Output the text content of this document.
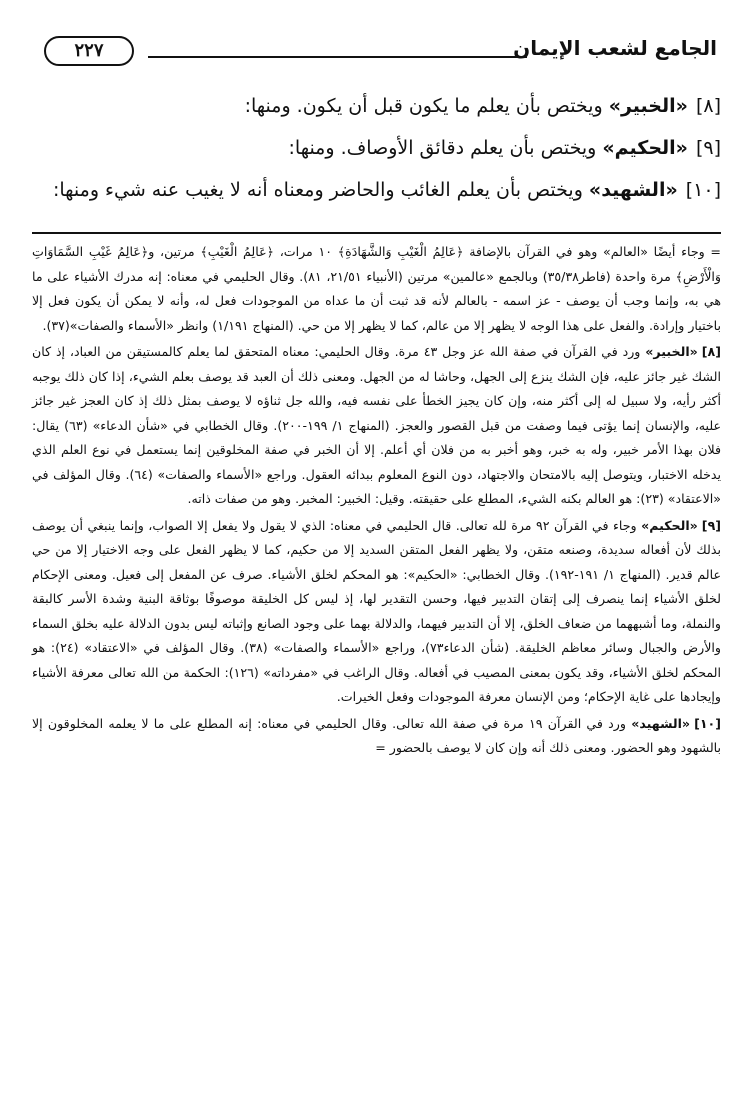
الجامع لشعب الإيمان
٢٢٧
[٨]«الخبير» ويختص بأن يعلم ما يكون قبل أن يكون. ومنها:
[٩]«الحكيم» ويختص بأن يعلم دقائق الأوصاف. ومنها:
[١٠]«الشهيد» ويختص بأن يعلم الغائب والحاضر ومعناه أنه لا يغيب عنه شيء ومنها:

= وجاء أيضًا «العالم» وهو في القرآن بالإضافة ﴿عَالِمُ الْغَيْبِ وَالشَّهَادَةِ﴾ ١٠ مرات، ﴿عَالِمُ الْغَيْبِ﴾ مرتين، و﴿عَالِمُ غَيْبِ السَّمَاوَاتِ وَالْأَرْضِ﴾ مرة واحدة (فاطر٣٥/٣٨) وبالجمع «عالمين» مرتين (الأنبياء ٢١/٥١، ٨١). وقال الحليمي في معناه: إنه مدرك الأشياء على ما هي به، وإنما وجب أن يوصف - عز اسمه - بالعالم لأنه قد ثبت أن ما عداه من الموجودات فعل له، وأنه لا يمكن أن يكون فعل إلا باختيار وإرادة. والفعل على هذا الوجه لا يظهر إلا من عالم، كما لا يظهر إلا من حي. (المنهاج ١/١٩١) وانظر «الأسماء والصفات»(٣٧).

[٨]«الخبير» ورد في القرآن في صفة الله عز وجل ٤٣ مرة. وقال الحليمي: معناه المتحقق لما يعلم كالمستيقن من العباد، إذ كان الشك غير جائز عليه، فإن الشك ينزع إلى الجهل، وحاشا له من الجهل. ومعنى ذلك أن العبد قد يوصف بعلم الشيء، إذا كان ذلك يوجبه أكثر رأيه، ولا سبيل له إلى أكثر منه، وإن كان يجيز الخطأ على نفسه فيه، والله جل ثناؤه لا يوصف بمثل ذلك إذ كان العجز غير جائز عليه، والإنسان إنما يؤتى فيما وصفت من قبل القصور والعجز. (المنهاج ١/ ١٩٩-٢٠٠). وقال الخطابي في «شأن الدعاء» (٦٣) يقال: فلان بهذا الأمر خبير، وله به خبر، وهو أخبر به من فلان أي أعلم. إلا أن الخبر في صفة المخلوقين إنما يستعمل في نوع العلم الذي يدخله الاختبار، ويتوصل إليه بالامتحان والاجتهاد، دون النوع المعلوم ببدائه العقول. وراجع «الأسماء والصفات» (٦٤). وقال المؤلف في «الاعتقاد» (٢٣): هو العالم بكنه الشيء، المطلع على حقيقته. وقيل: الخبير: المخبر. وهو من صفات ذاته.

[٩]«الحكيم» وجاء في القرآن ٩٢ مرة لله تعالى. قال الحليمي في معناه: الذي لا يقول ولا يفعل إلا الصواب، وإنما ينبغي أن يوصف بذلك لأن أفعاله سديدة، وصنعه متقن، ولا يظهر الفعل المتقن السديد إلا من حكيم، كما لا يظهر الفعل على وجه الاختيار إلا من حي عالم قدير. (المنهاج ١/ ١٩١-١٩٢). وقال الخطابي: «الحكيم»: هو المحكم لخلق الأشياء. صرف عن المفعل إلى فعيل. ومعنى الإحكام لخلق الأشياء إنما ينصرف إلى إتقان التدبير فيها، وحسن التقدير لها، إذ ليس كل الخليقة موصوفًا بوثاقة البنية وشدة الأسر كالبقة والنملة، وما أشبههما من ضعاف الخلق، إلا أن التدبير فيهما، والدلالة بهما على وجود الصانع وإثباته ليس بدون الدلالة عليه بخلق السماء والأرض والجبال وسائر معاظم الخليقة. (شأن الدعاء٧٣)، وراجع «الأسماء والصفات» (٣٨). وقال المؤلف في «الاعتقاد» (٢٤): هو المحكم لخلق الأشياء، وقد يكون بمعنى المصيب في أفعاله. وقال الراغب في «مفرداته» (١٢٦): الحكمة من الله تعالى معرفة الأشياء وإيجادها على غاية الإحكام؛ ومن الإنسان معرفة الموجودات وفعل الخيرات.

[١٠]«الشهيد» ورد في القرآن ١٩ مرة في صفة الله تعالى. وقال الحليمي في معناه: إنه المطلع على ما لا يعلمه المخلوقون إلا بالشهود وهو الحضور. ومعنى ذلك أنه وإن كان لا يوصف بالحضور =
